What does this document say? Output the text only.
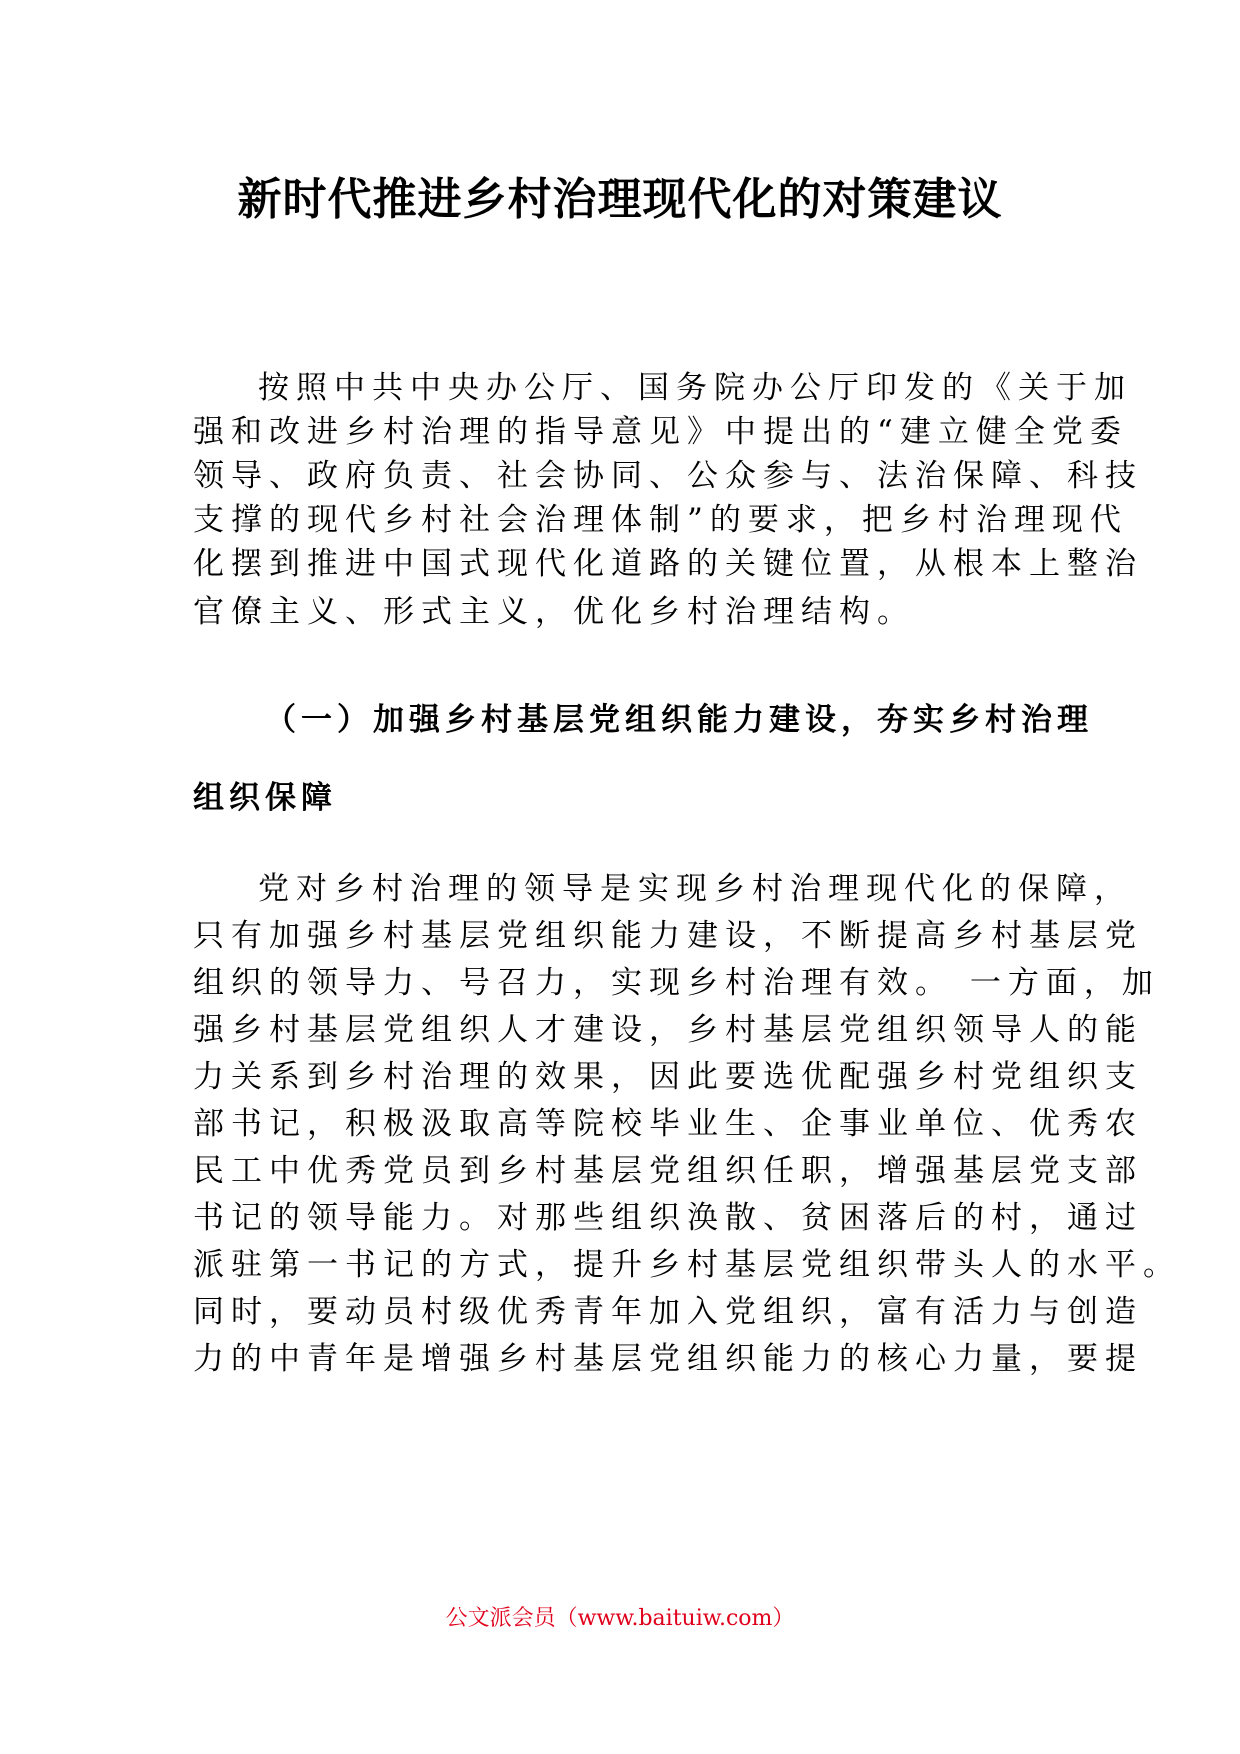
新时代推进乡村治理现代化的对策建议
按照中共中央办公厅、国务院办公厅印发的《关于加
强和改进乡村治理的指导意见》中提出的“建立健全党委
领导、政府负责、社会协同、公众参与、法治保障、科技
支撑的现代乡村社会治理体制”的要求，把乡村治理现代
化摆到推进中国式现代化道路的关键位置，从根本上整治
官僚主义、形式主义，优化乡村治理结构。
（一）加强乡村基层党组织能力建设，夯实乡村治理
组织保障
党对乡村治理的领导是实现乡村治理现代化的保障，
只有加强乡村基层党组织能力建设，不断提高乡村基层党
组织的领导力、号召力，实现乡村治理有效。 一方面，加
强乡村基层党组织人才建设，乡村基层党组织领导人的能
力关系到乡村治理的效果，因此要选优配强乡村党组织支
部书记，积极汲取高等院校毕业生、企事业单位、优秀农
民工中优秀党员到乡村基层党组织任职，增强基层党支部
书记的领导能力。对那些组织涣散、贫困落后的村，通过
派驻第一书记的方式，提升乡村基层党组织带头人的水平。
同时，要动员村级优秀青年加入党组织，富有活力与创造
力的中青年是增强乡村基层党组织能力的核心力量，要提
公文派会员（www.baituiw.com）
